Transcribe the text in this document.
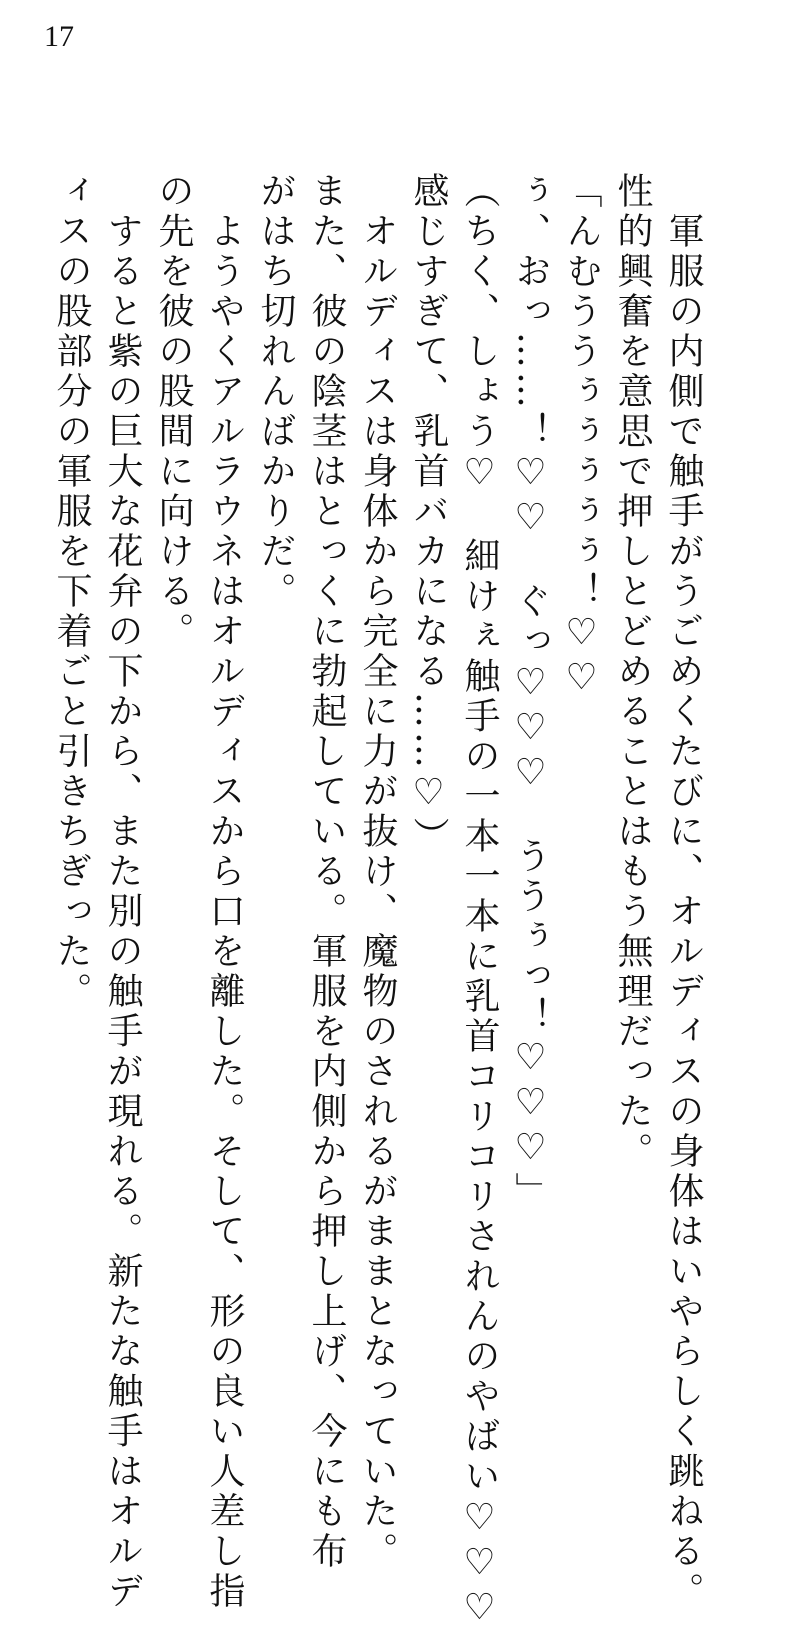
17
　軍服の内側で触手がうごめくたびに、オルディスの身体はいやらしく跳ねる。
性的興奮を意思で押しとどめることはもう無理だった。
「んむううぅぅぅぅぅ！♡♡
ぅ、おっ……！♡♡　ぐっ♡♡♡　ううぅっ！♡♡♡」
（ちく、しょう♡　細けぇ触手の一本一本に乳首コリコリされんのやばい♡♡♡
感じすぎて、乳首バカになる……♡）
　オルディスは身体から完全に力が抜け、魔物のされるがままとなっていた。
また、彼の陰茎はとっくに勃起している。軍服を内側から押し上げ、今にも布
がはち切れんばかりだ。
　ようやくアルラウネはオルディスから口を離した。そして、形の良い人差し指
の先を彼の股間に向ける。
　すると紫の巨大な花弁の下から、また別の触手が現れる。新たな触手はオルデ
ィスの股部分の軍服を下着ごと引きちぎった。
